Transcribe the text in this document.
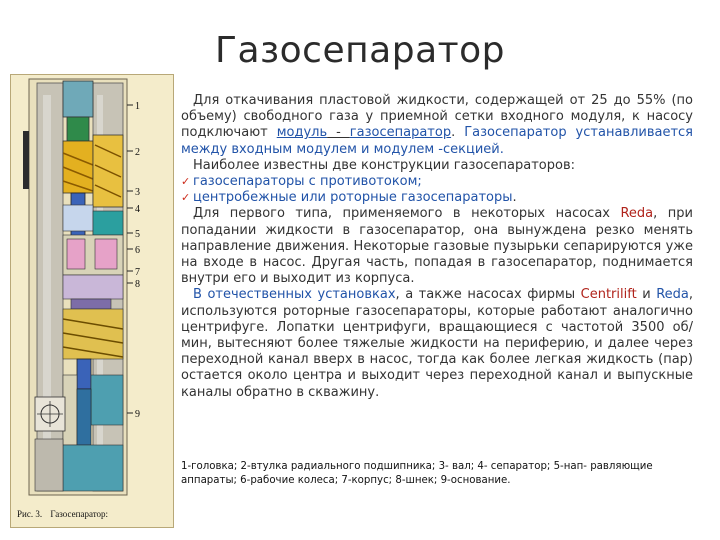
Газосепаратор
1
2
3
4
5
6
7
8
9
Рис. 3. Газосепаратор:

Для откачивания пластовой жидкости, содержащей от 25 до 55% (по объему) свободного газа у приемной сетки входного модуля, к насосу подключают модуль - газосепаратор. Газосепаратор устанавливается между входным модулем и модулем -секцией.

Наиболее известны две конструкции газосепараторов:

✓ газосепараторы с противотоком;
✓ центробежные или роторные газосепараторы.

Для первого типа, применяемого в некоторых насосах Reda, при попадании жидкости в газосепаратор, она вынуждена резко менять направление движения. Некоторые газовые пузырьки сепарируются уже на входе в насос. Другая часть, попадая в газосепаратор, поднимается внутри его и выходит из корпуса.

В отечественных установках, а также насосах фирмы Centrilift и Reda, используются роторные газосепараторы, которые работают аналогично центрифуге. Лопатки центрифуги, вращающиеся с частотой 3500 об/мин, вытесняют более тяжелые жидкости на периферию, и далее через переходной канал вверх в насос, тогда как более легкая жидкость (пар) остается около центра и выходит через переходной канал и выпускные каналы обратно в скважину.

1-головка; 2-втулка радиального подшипника; 3- вал; 4- сепаратор; 5-нап- равляющие аппараты; 6-рабочие колеса; 7-корпус; 8-шнек; 9-основание.
